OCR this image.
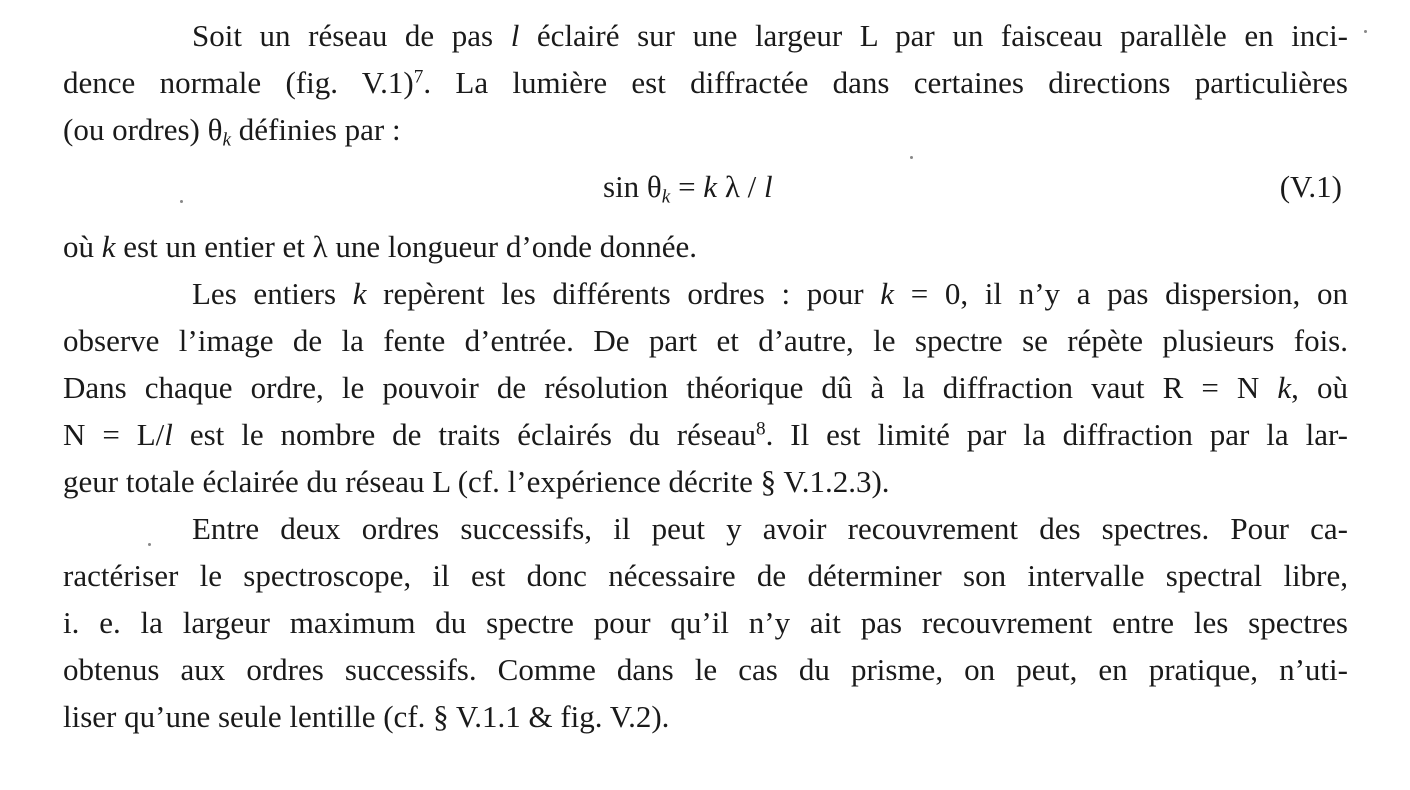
Soit un réseau de pas l éclairé sur une largeur L par un faisceau parallèle en inci-
dence normale (fig. V.1)$^7$. La lumière est diffractée dans certaines directions particulières
(ou ordres) $\theta_k$ définies par :

$\sin \theta_k = k$ λ / l	(V.1)

où k est un entier et λ une longueur d’onde donnée.

Les entiers k repèrent les différents ordres : pour k = 0, il n’y a pas dispersion, on
observe l’image de la fente d’entrée. De part et d’autre, le spectre se répète plusieurs fois.
Dans chaque ordre, le pouvoir de résolution théorique dû à la diffraction vaut R = N k, où
N = L/l est le nombre de traits éclairés du réseau$^8$. Il est limité par la diffraction par la lar-
geur totale éclairée du réseau L (cf. l’expérience décrite § V.1.2.3).

Entre deux ordres successifs, il peut y avoir recouvrement des spectres. Pour ca-
ractériser le spectroscope, il est donc nécessaire de déterminer son intervalle spectral libre,
i. e. la largeur maximum du spectre pour qu’il n’y ait pas recouvrement entre les spectres
obtenus aux ordres successifs. Comme dans le cas du prisme, on peut, en pratique, n’uti-
liser qu’une seule lentille (cf. § V.1.1 & fig. V.2).
